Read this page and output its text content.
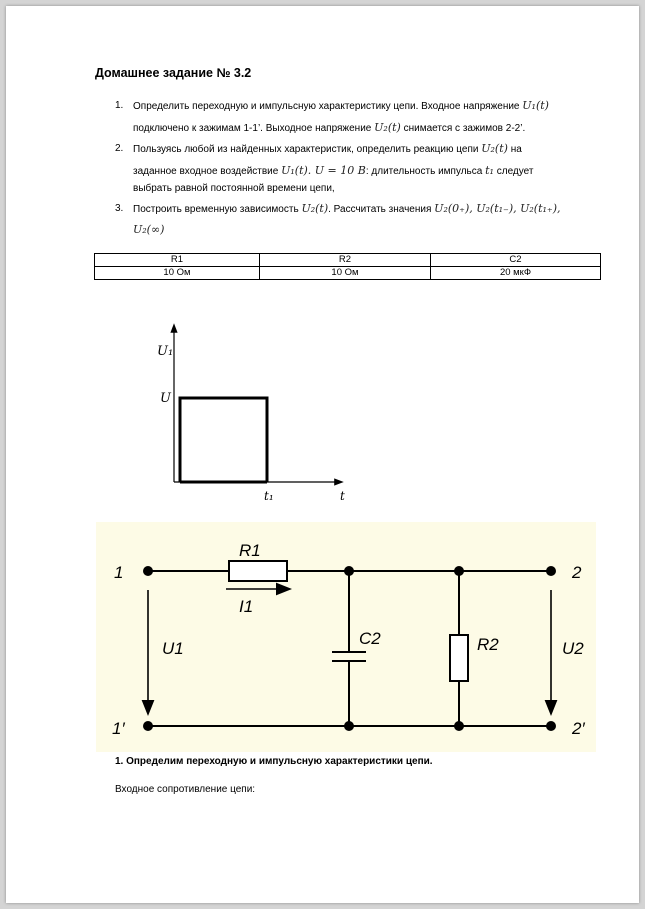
Домашнее задание № 3.2
1. Определить переходную и импульсную характеристику цепи. Входное напряжение U₁(t)
подключено к зажимам 1-1’. Выходное напряжение U₂(t) снимается с зажимов 2-2’.
2. Пользуясь любой из найденных характеристик, определить реакцию цепи U₂(t) на
заданное входное воздействие U₁(t). U = 10 B: длительность импульса t₁ следует
выбрать равной постоянной времени цепи,
3. Построить временную зависимость U₂(t). Рассчитать значения U₂(0₊), U₂(t₁₋), U₂(t₁₊),
U₂(∞)
R1	R2	C2
10 Ом	10 Ом	20 мкФ
U₁
U
t₁	t
1
1′
2
2′
R1
I1
U1
C2	R2	U2
1. Определим переходную и импульсную характеристики цепи.
Входное сопротивление цепи:
